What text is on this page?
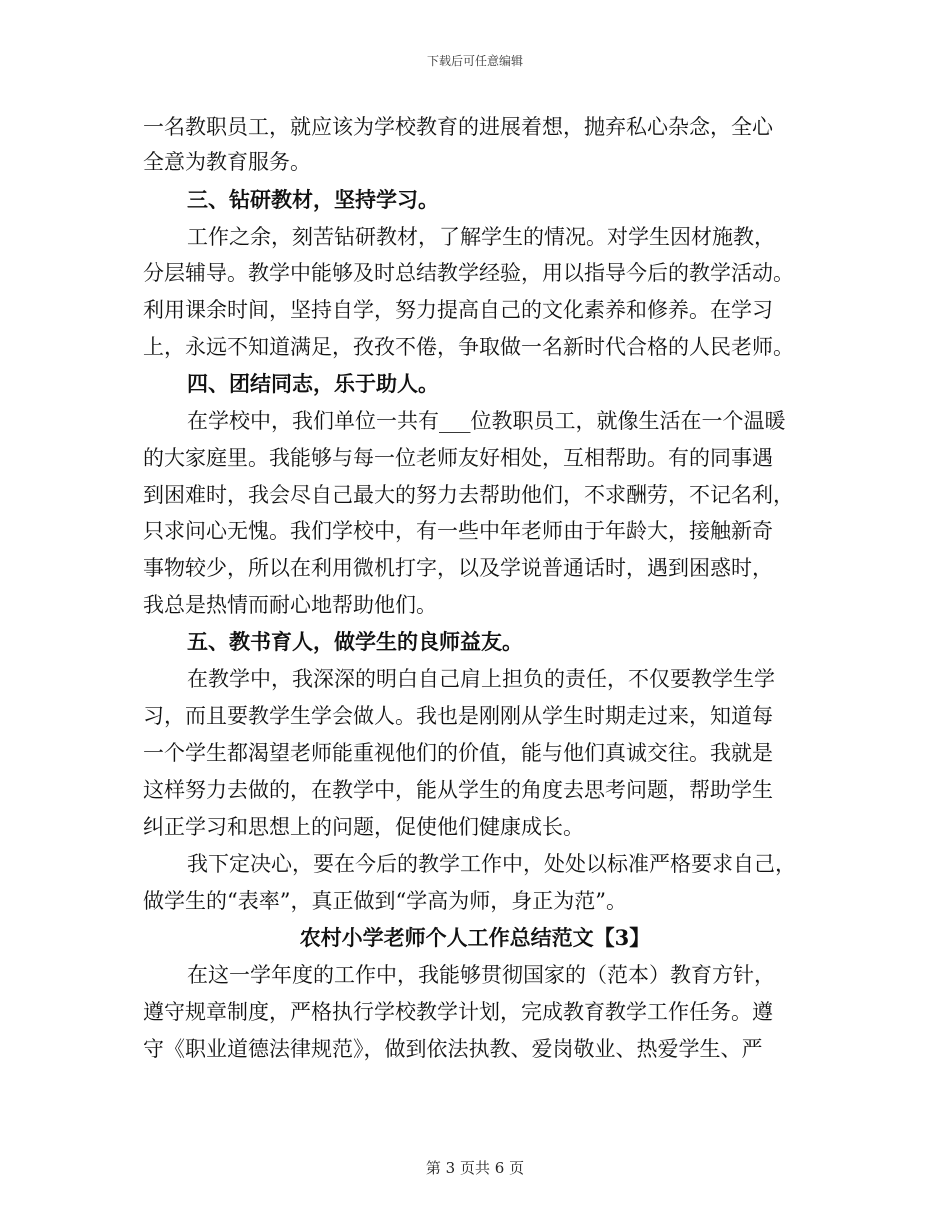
下载后可任意编辑
一名教职员工，就应该为学校教育的进展着想，抛弃私心杂念，全心
全意为教育服务。
三、钻研教材，坚持学习。
工作之余，刻苦钻研教材，了解学生的情况。对学生因材施教，
分层辅导。教学中能够及时总结教学经验，用以指导今后的教学活动。
利用课余时间，坚持自学，努力提高自己的文化素养和修养。在学习
上，永远不知道满足，孜孜不倦，争取做一名新时代合格的人民老师。
四、团结同志，乐于助人。
在学校中，我们单位一共有___位教职员工，就像生活在一个温暖
的大家庭里。我能够与每一位老师友好相处，互相帮助。有的同事遇
到困难时，我会尽自己最大的努力去帮助他们，不求酬劳，不记名利，
只求问心无愧。我们学校中，有一些中年老师由于年龄大，接触新奇
事物较少，所以在利用微机打字，以及学说普通话时，遇到困惑时，
我总是热情而耐心地帮助他们。
五、教书育人，做学生的良师益友。
在教学中，我深深的明白自己肩上担负的责任，不仅要教学生学
习，而且要教学生学会做人。我也是刚刚从学生时期走过来，知道每
一个学生都渴望老师能重视他们的价值，能与他们真诚交往。我就是
这样努力去做的，在教学中，能从学生的角度去思考问题，帮助学生
纠正学习和思想上的问题，促使他们健康成长。
我下定决心，要在今后的教学工作中，处处以标准严格要求自己，
做学生的“表率”，真正做到“学高为师，身正为范”。
农村小学老师个人工作总结范文【3】
在这一学年度的工作中，我能够贯彻国家的（范本）教育方针，
遵守规章制度，严格执行学校教学计划，完成教育教学工作任务。遵
守《职业道德法律规范》，做到依法执教、爱岗敬业、热爱学生、严
第 3 页共 6 页
